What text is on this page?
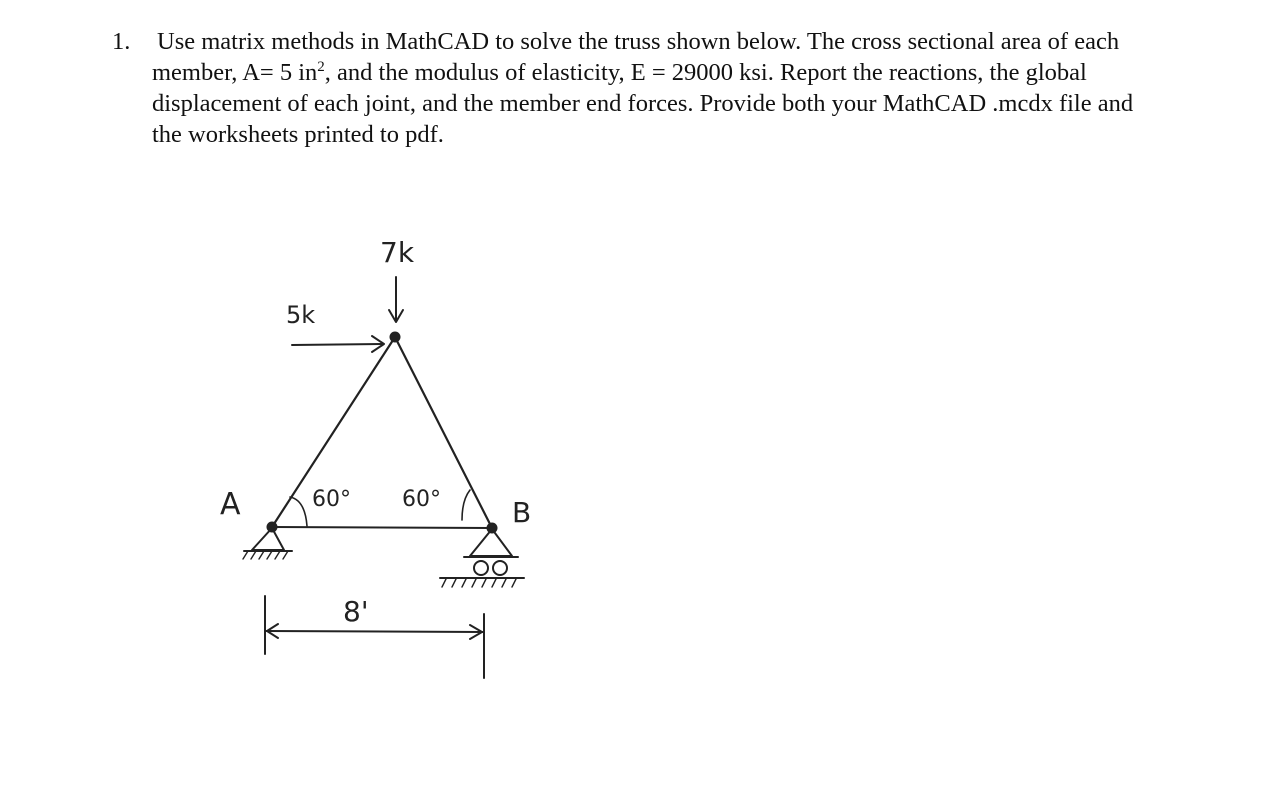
1. Use matrix methods in MathCAD to solve the truss shown below. The cross sectional area of each
member, A= 5 $in^2$, and the modulus of elasticity, E = 29000 ksi. Report the reactions, the global
displacement of each joint, and the member end forces. Provide both your MathCAD .mcdx file and
the worksheets printed to pdf.
5k
7k
A	B
60° 60°
8'
